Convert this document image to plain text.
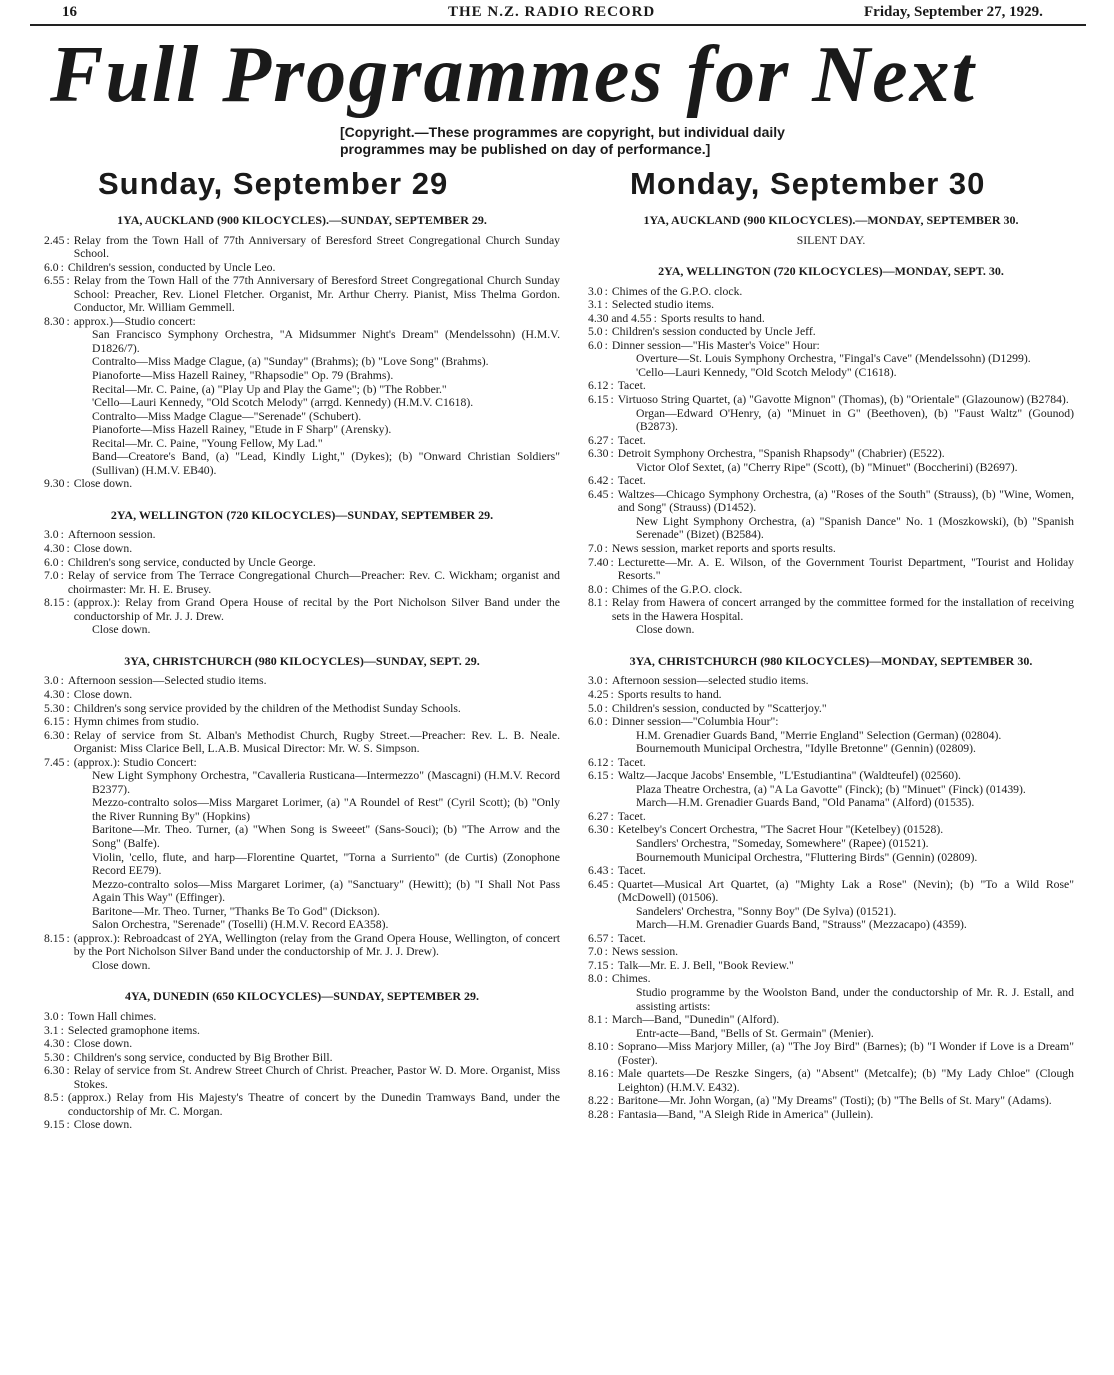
16	THE N.Z. RADIO RECORD	Friday, September 27, 1929.
Full Programmes for Next
[Copyright.—These programmes are copyright, but individual daily programmes may be published on day of performance.]
Sunday, September 29	Monday, September 30
1YA, AUCKLAND (900 KILOCYCLES).—SUNDAY, SEPTEMBER 29.
2.45 : Relay from the Town Hall of 77th Anniversary of Beresford Street Congregational Church Sunday School.
6.0 : Children's session, conducted by Uncle Leo.
6.55 : Relay from the Town Hall of the 77th Anniversary of Beresford Street Congregational Church Sunday School: Preacher, Rev. Lionel Fletcher. Organist, Mr. Arthur Cherry. Pianist, Miss Thelma Gordon. Conductor, Mr. William Gemmell.
8.30 : approx.)—Studio concert:
San Francisco Symphony Orchestra, "A Midsummer Night's Dream" (Mendelssohn) (H.M.V. D1826/7).
Contralto—Miss Madge Clague, (a) "Sunday" (Brahms); (b) "Love Song" (Brahms).
Pianoforte—Miss Hazell Rainey, "Rhapsodie" Op. 79 (Brahms).
Recital—Mr. C. Paine, (a) "Play Up and Play the Game"; (b) "The Robber."
'Cello—Lauri Kennedy, "Old Scotch Melody" (arrgd. Kennedy) (H.M.V. C1618).
Contralto—Miss Madge Clague—"Serenade" (Schubert).
Pianoforte—Miss Hazell Rainey, "Etude in F Sharp" (Arensky).
Recital—Mr. C. Paine, "Young Fellow, My Lad."
Band—Creatore's Band, (a) "Lead, Kindly Light," (Dykes); (b) "Onward Christian Soldiers" (Sullivan) (H.M.V. EB40).
9.30 : Close down.
2YA, WELLINGTON (720 KILOCYCLES)—SUNDAY, SEPTEMBER 29.
3.0 : Afternoon session.
4.30 : Close down.
6.0 : Children's song service, conducted by Uncle George.
7.0 : Relay of service from The Terrace Congregational Church—Preacher: Rev. C. Wickham; organist and choirmaster: Mr. H. E. Brusey.
8.15 : (approx.): Relay from Grand Opera House of recital by the Port Nicholson Silver Band under the conductorship of Mr. J. J. Drew.
Close down.
3YA, CHRISTCHURCH (980 KILOCYCLES)—SUNDAY, SEPT. 29.
3.0 : Afternoon session—Selected studio items.
4.30 : Close down.
5.30 : Children's song service provided by the children of the Methodist Sunday Schools.
6.15 : Hymn chimes from studio.
6.30 : Relay of service from St. Alban's Methodist Church, Rugby Street.—Preacher: Rev. L. B. Neale. Organist: Miss Clarice Bell, L.A.B. Musical Director: Mr. W. S. Simpson.
7.45 : (approx.): Studio Concert:
New Light Symphony Orchestra, "Cavalleria Rusticana—Intermezzo" (Mascagni) (H.M.V. Record B2377).
Mezzo-contralto solos—Miss Margaret Lorimer, (a) "A Roundel of Rest" (Cyril Scott); (b) "Only the River Running By" (Hopkins)
Baritone—Mr. Theo. Turner, (a) "When Song is Sweeet" (Sans-Souci); (b) "The Arrow and the Song" (Balfe).
Violin, 'cello, flute, and harp—Florentine Quartet, "Torna a Surriento" (de Curtis) (Zonophone Record EE79).
Mezzo-contralto solos—Miss Margaret Lorimer, (a) "Sanctuary" (Hewitt); (b) "I Shall Not Pass Again This Way" (Effinger).
Baritone—Mr. Theo. Turner, "Thanks Be To God" (Dickson).
Salon Orchestra, "Serenade" (Toselli) (H.M.V. Record EA358).
8.15 : (approx.): Rebroadcast of 2YA, Wellington (relay from the Grand Opera House, Wellington, of concert by the Port Nicholson Silver Band under the conductorship of Mr. J. J. Drew).
Close down.
4YA, DUNEDIN (650 KILOCYCLES)—SUNDAY, SEPTEMBER 29.
3.0 : Town Hall chimes.
3.1 : Selected gramophone items.
4.30 : Close down.
5.30 : Children's song service, conducted by Big Brother Bill.
6.30 : Relay of service from St. Andrew Street Church of Christ. Preacher, Pastor W. D. More. Organist, Miss Stokes.
8.5 : (approx.) Relay from His Majesty's Theatre of concert by the Dunedin Tramways Band, under the conductorship of Mr. C. Morgan.
9.15 : Close down.
1YA, AUCKLAND (900 KILOCYCLES).—MONDAY, SEPTEMBER 30.
SILENT DAY.
2YA, WELLINGTON (720 KILOCYCLES)—MONDAY, SEPT. 30.
3.0 : Chimes of the G.P.O. clock.
3.1 : Selected studio items.
4.30 and 4.55 : Sports results to hand.
5.0 : Children's session conducted by Uncle Jeff.
6.0 : Dinner session—"His Master's Voice" Hour:
Overture—St. Louis Symphony Orchestra, "Fingal's Cave" (Mendelssohn) (D1299).
'Cello—Lauri Kennedy, "Old Scotch Melody" (C1618).
6.12 : Tacet.
6.15 : Virtuoso String Quartet, (a) "Gavotte Mignon" (Thomas), (b) "Orientale" (Glazounow) (B2784).
Organ—Edward O'Henry, (a) "Minuet in G" (Beethoven), (b) "Faust Waltz" (Gounod) (B2873).
6.27 : Tacet.
6.30 : Detroit Symphony Orchestra, "Spanish Rhapsody" (Chabrier) (E522).
Victor Olof Sextet, (a) "Cherry Ripe" (Scott), (b) "Minuet" (Boccherini) (B2697).
6.42 : Tacet.
6.45 : Waltzes—Chicago Symphony Orchestra, (a) "Roses of the South" (Strauss), (b) "Wine, Women, and Song" (Strauss) (D1452).
New Light Symphony Orchestra, (a) "Spanish Dance" No. 1 (Moszkowski), (b) "Spanish Serenade" (Bizet) (B2584).
7.0 : News session, market reports and sports results.
7.40 : Lecturette—Mr. A. E. Wilson, of the Government Tourist Department, "Tourist and Holiday Resorts."
8.0 : Chimes of the G.P.O. clock.
8.1 : Relay from Hawera of concert arranged by the committee formed for the installation of receiving sets in the Hawera Hospital.
Close down.
3YA, CHRISTCHURCH (980 KILOCYCLES)—MONDAY, SEPTEMBER 30.
3.0 : Afternoon session—selected studio items.
4.25 : Sports results to hand.
5.0 : Children's session, conducted by "Scatterjoy."
6.0 : Dinner session—"Columbia Hour":
H.M. Grenadier Guards Band, "Merrie England" Selection (German) (02804).
Bournemouth Municipal Orchestra, "Idylle Bretonne" (Gennin) (02809).
6.12 : Tacet.
6.15 : Waltz—Jacque Jacobs' Ensemble, "L'Estudiantina" (Waldteufel) (02560).
Plaza Theatre Orchestra, (a) "A La Gavotte" (Finck); (b) "Minuet" (Finck) (01439).
March—H.M. Grenadier Guards Band, "Old Panama" (Alford) (01535).
6.27 : Tacet.
6.30 : Ketelbey's Concert Orchestra, "The Sacret Hour "(Ketelbey) (01528).
Sandlers' Orchestra, "Someday, Somewhere" (Rapee) (01521).
Bournemouth Municipal Orchestra, "Fluttering Birds" (Gennin) (02809).
6.43 : Tacet.
6.45 : Quartet—Musical Art Quartet, (a) "Mighty Lak a Rose" (Nevin); (b) "To a Wild Rose" (McDowell) (01506).
Sandelers' Orchestra, "Sonny Boy" (De Sylva) (01521).
March—H.M. Grenadier Guards Band, "Strauss" (Mezzacapo) (4359).
6.57 : Tacet.
7.0 : News session.
7.15 : Talk—Mr. E. J. Bell, "Book Review."
8.0 : Chimes.
Studio programme by the Woolston Band, under the conductorship of Mr. R. J. Estall, and assisting artists:
8.1 : March—Band, "Dunedin" (Alford).
Entr-acte—Band, "Bells of St. Germain" (Menier).
8.10 : Soprano—Miss Marjory Miller, (a) "The Joy Bird" (Barnes); (b) "I Wonder if Love is a Dream" (Foster).
8.16 : Male quartets—De Reszke Singers, (a) "Absent" (Metcalfe); (b) "My Lady Chloe" (Clough Leighton) (H.M.V. E432).
8.22 : Baritone—Mr. John Worgan, (a) "My Dreams" (Tosti); (b) "The Bells of St. Mary" (Adams).
8.28 : Fantasia—Band, "A Sleigh Ride in America" (Jullein).
